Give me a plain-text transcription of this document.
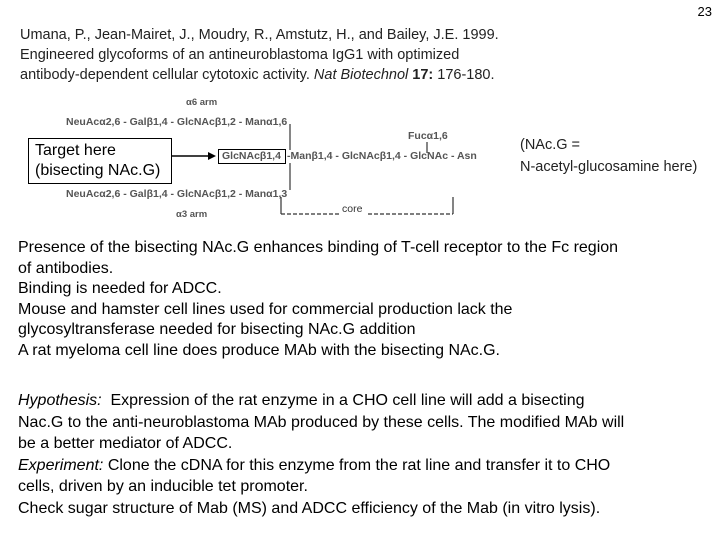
23
Umana, P., Jean-Mairet, J., Moudry, R., Amstutz, H., and Bailey, J.E. 1999.
Engineered glycoforms of an antineuroblastoma IgG1 with optimized
antibody-dependent cellular cytotoxic activity. Nat Biotechnol 17: 176-180.
α6 arm
NeuAcα2,6 - Galβ1,4 - GlcNAcβ1,2 - Manα1,6
Fucα1,6
GlcNAcβ1,4 -Manβ1,4 - GlcNAcβ1,4 - GlcNAc - Asn
NeuAcα2,6 - Galβ1,4 - GlcNAcβ1,2 - Manα1,3
α3 arm	core
Target here
(bisecting NAc.G)
(NAc.G =
N-acetyl-glucosamine here)
Presence of the bisecting NAc.G enhances binding of T-cell receptor to the Fc region
of antibodies.
Binding is needed for ADCC.
Mouse and hamster cell lines used for commercial production lack the
glycosyltransferase needed for bisecting NAc.G addition
A rat myeloma cell line does produce MAb with the bisecting NAc.G.
Hypothesis:  Expression of the rat enzyme in a CHO cell line will add a bisecting
Nac.G to the anti-neuroblastoma MAb produced by these cells. The modified MAb will
be a better mediator of ADCC.
Experiment: Clone the cDNA for this enzyme from the rat line and transfer it to CHO
cells, driven by an inducible tet promoter.
Check sugar structure of Mab (MS) and ADCC efficiency of the Mab (in vitro lysis).
